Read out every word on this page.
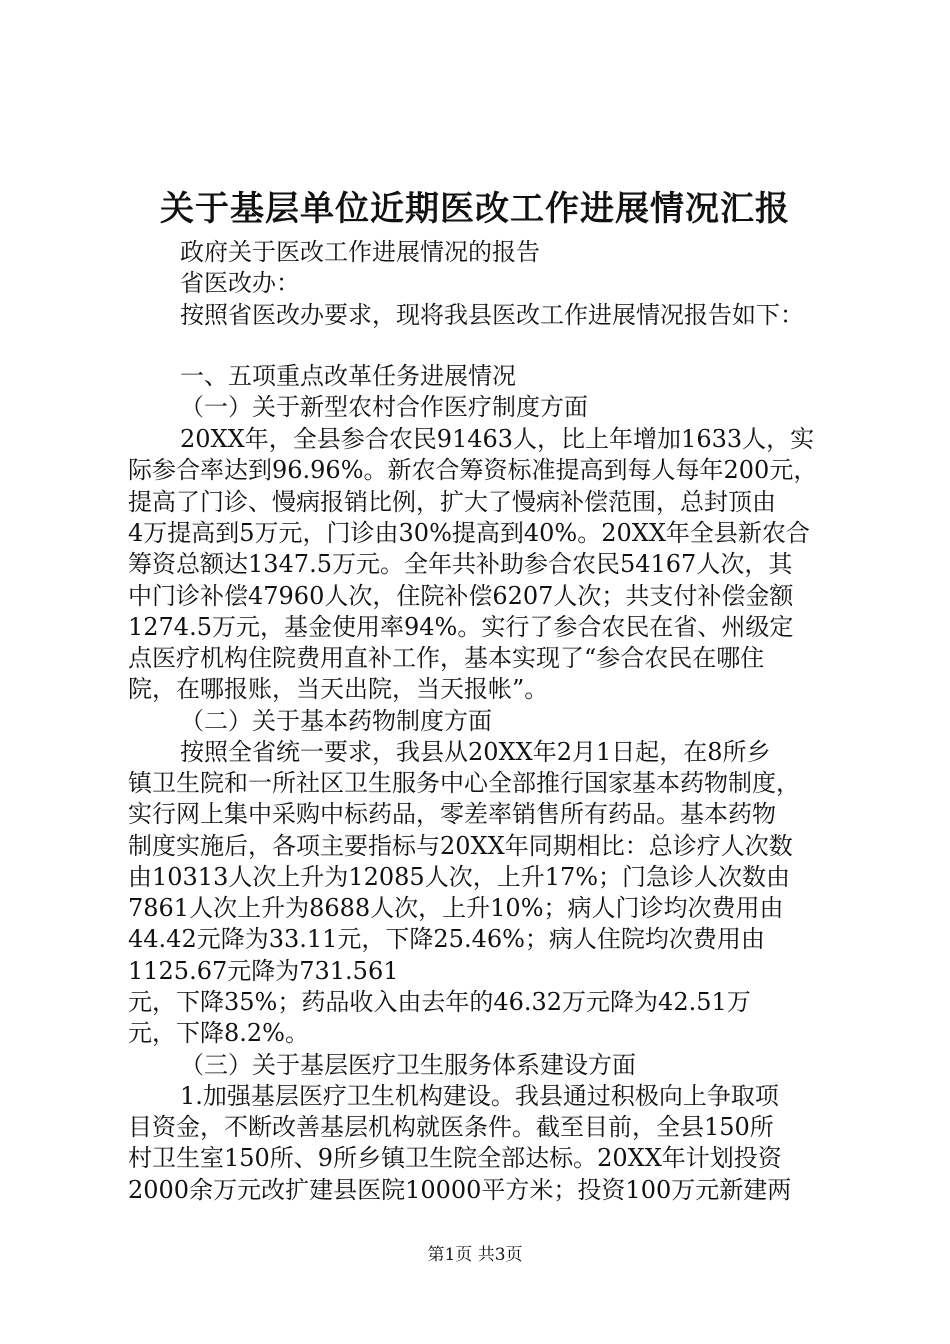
关于基层单位近期医改工作进展情况汇报
政府关于医改工作进展情况的报告
省医改办：
按照省医改办要求，现将我县医改工作进展情况报告如下：
一、五项重点改革任务进展情况
（一）关于新型农村合作医疗制度方面
20XX年，全县参合农民91463人，比上年增加1633人，实
际参合率达到96.96%。新农合筹资标准提高到每人每年200元，
提高了门诊、慢病报销比例，扩大了慢病补偿范围，总封顶由
4万提高到5万元，门诊由30%提高到40%。20XX年全县新农合
筹资总额达1347.5万元。全年共补助参合农民54167人次，其
中门诊补偿47960人次，住院补偿6207人次；共支付补偿金额
1274.5万元，基金使用率94%。实行了参合农民在省、州级定
点医疗机构住院费用直补工作，基本实现了“参合农民在哪住
院，在哪报账，当天出院，当天报帐”。
（二）关于基本药物制度方面
按照全省统一要求，我县从20XX年2月1日起，在8所乡
镇卫生院和一所社区卫生服务中心全部推行国家基本药物制度，
实行网上集中采购中标药品，零差率销售所有药品。基本药物
制度实施后，各项主要指标与20XX年同期相比：总诊疗人次数
由10313人次上升为12085人次，上升17%；门急诊人次数由
7861人次上升为8688人次，上升10%；病人门诊均次费用由
44.42元降为33.11元，下降25.46%；病人住院均次费用由
1125.67元降为731.561
元，下降35%；药品收入由去年的46.32万元降为42.51万
元，下降8.2%。
（三）关于基层医疗卫生服务体系建设方面
1.加强基层医疗卫生机构建设。我县通过积极向上争取项
目资金，不断改善基层机构就医条件。截至目前，全县150所
村卫生室150所、9所乡镇卫生院全部达标。20XX年计划投资
2000余万元改扩建县医院10000平方米；投资100万元新建两
第1页 共3页
